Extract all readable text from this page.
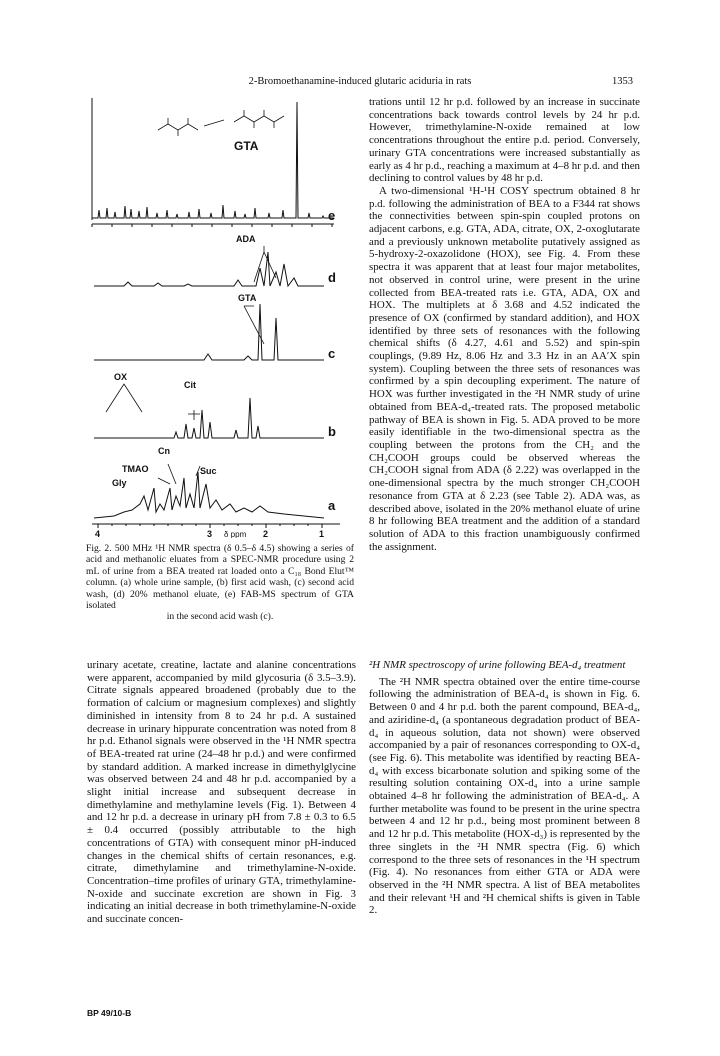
2-Bromoethanamine-induced glutaric aciduria in rats	1353
GTA
ADA
GTA
OX
Cit
Cn
TMAO
Gly
Suc
e
d
c
b
a
4	3 δ ppm 2	1
Fig. 2. 500 MHz ¹H NMR spectra (δ 0.5–δ 4.5) showing a series of acid and methanolic eluates from a SPEC-NMR procedure using 2 mL of urine from a BEA treated rat loaded onto a C₁₈ Bond Elut™ column. (a) whole urine sample, (b) first acid wash, (c) second acid wash, (d) 20% methanol eluate, (e) FAB-MS spectrum of GTA isolated
in the second acid wash (c).

trations until 12 hr p.d. followed by an increase in succinate concentrations back towards control levels by 24 hr p.d. However, trimethylamine-N-oxide remained at low concentrations throughout the entire p.d. period. Conversely, urinary GTA concentrations were increased substantially as early as 4 hr p.d., reaching a maximum at 4–8 hr p.d. and then declining to control values by 48 hr p.d.

A two-dimensional ¹H-¹H COSY spectrum obtained 8 hr p.d. following the administration of BEA to a F344 rat shows the connectivities between spin-spin coupled protons on adjacent carbons, e.g. GTA, ADA, citrate, OX, 2-oxoglutarate and a previously unknown metabolite putatively assigned as 5-hydroxy-2-oxazolidone (HOX), see Fig. 4. From these spectra it was apparent that at least four major metabolites, not observed in control urine, were present in the urine collected from BEA-treated rats i.e. GTA, ADA, OX and HOX. The multiplets at δ 3.68 and 4.52 indicated the presence of OX (confirmed by standard addition), and HOX identified by three sets of resonances with the following chemical shifts (δ 4.27, 4.61 and 5.52) and spin-spin couplings, (9.89 Hz, 8.06 Hz and 3.3 Hz in an AA′X spin system). Coupling between the three sets of resonances was confirmed by a spin decoupling experiment. The nature of HOX was further investigated in the ²H NMR study of urine obtained from BEA-d₄-treated rats. The proposed metabolic pathway of BEA is shown in Fig. 5. ADA proved to be more easily identifiable in the two-dimensional spectra as the coupling between the protons from the CH₂ and the CH₂COOH groups could be observed whereas the CH₂COOH signal from ADA (δ 2.22) was overlapped in the one-dimensional spectra by the much stronger CH₂COOH resonance from GTA at δ 2.23 (see Table 2). ADA was, as described above, isolated in the 20% methanol eluate of urine 8 hr following BEA treatment and the addition of a standard solution of ADA to this fraction unambiguously confirmed the assignment.

urinary acetate, creatine, lactate and alanine concentrations were apparent, accompanied by mild glycosuria (δ 3.5–3.9). Citrate signals appeared broadened (probably due to the formation of calcium or magnesium complexes) and slightly diminished in intensity from 8 to 24 hr p.d. A sustained decrease in urinary hippurate concentration was noted from 8 hr p.d. Ethanol signals were observed in the ¹H NMR spectra of BEA-treated rat urine (24–48 hr p.d.) and were confirmed by standard addition. A marked increase in dimethylglycine was observed between 24 and 48 hr p.d. accompanied by a slight initial increase and subsequent decrease in dimethylamine and methylamine levels (Fig. 1). Between 4 and 12 hr p.d. a decrease in urinary pH from 7.8 ± 0.3 to 6.5 ± 0.4 occurred (possibly attributable to the high concentrations of GTA) with consequent minor pH-induced changes in the chemical shifts of certain resonances, e.g. citrate, dimethylamine and trimethylamine-N-oxide. Concentration–time profiles of urinary GTA, trimethylamine-N-oxide and succinate excretion are shown in Fig. 3 indicating an initial decrease in both trimethylamine-N-oxide and succinate concen-

²H NMR spectroscopy of urine following BEA-d₄ treatment

The ²H NMR spectra obtained over the entire time-course following the administration of BEA-d₄ is shown in Fig. 6. Between 0 and 4 hr p.d. both the parent compound, BEA-d₄, and aziridine-d₄ (a spontaneous degradation product of BEA-d₄ in aqueous solution, data not shown) were observed accompanied by a pair of resonances corresponding to OX-d₄ (see Fig. 6). This metabolite was identified by reacting BEA-d₄ with excess bicarbonate solution and spiking some of the resulting solution containing OX-d₄ into a urine sample obtained 4–8 hr following the administration of BEA-d₄. A further metabolite was found to be present in the urine spectra between 4 and 12 hr p.d., being most prominent between 8 and 12 hr p.d. This metabolite (HOX-d₃) is represented by the three singlets in the ²H NMR spectra (Fig. 6) which correspond to the three sets of resonances in the ¹H spectrum (Fig. 4). No resonances from either GTA or ADA were observed in the ²H NMR spectra. A list of BEA metabolites and their relevant ¹H and ²H chemical shifts is given in Table 2.

BP 49/10-B
